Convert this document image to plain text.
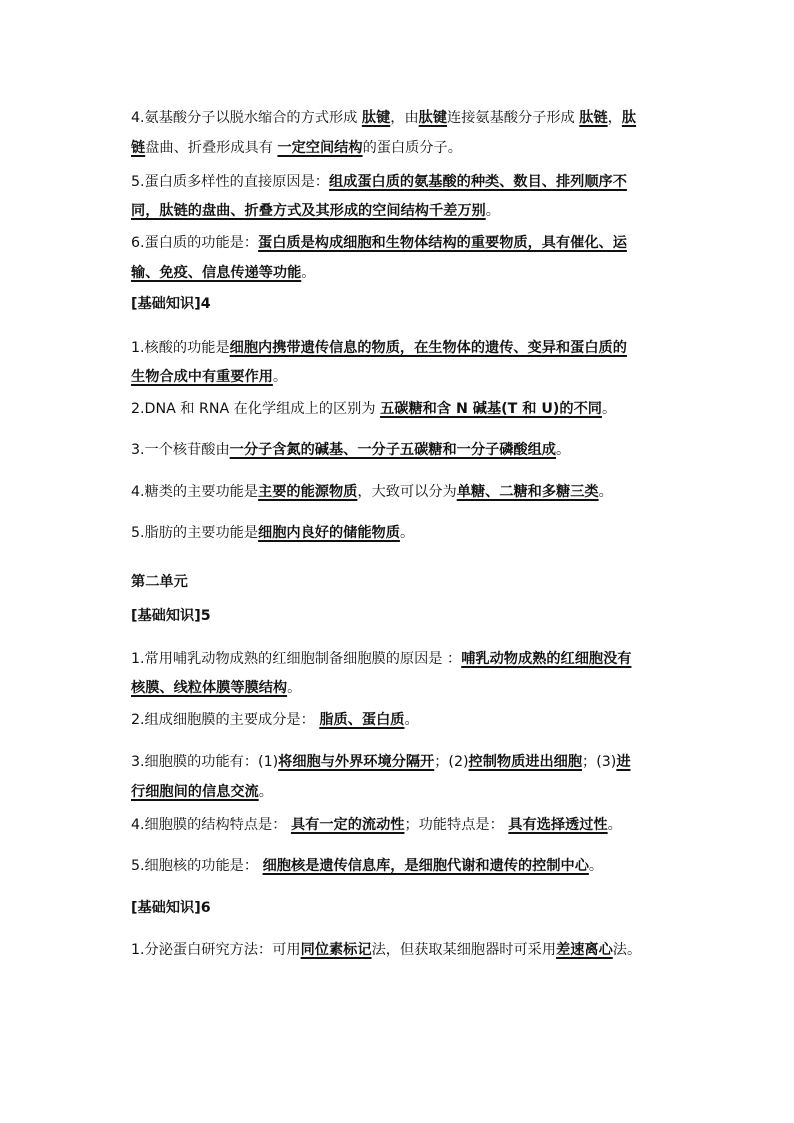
4.氨基酸分子以脱水缩合的方式形成 肽键，由肽键连接氨基酸分子形成 肽链，肽
链盘曲、折叠形成具有 一定空间结构的蛋白质分子。
5.蛋白质多样性的直接原因是：组成蛋白质的氨基酸的种类、数目、排列顺序不
同，肽链的盘曲、折叠方式及其形成的空间结构千差万别。
6.蛋白质的功能是：蛋白质是构成细胞和生物体结构的重要物质，具有催化、运
输、免疫、信息传递等功能。
[基础知识]4
1.核酸的功能是细胞内携带遗传信息的物质，在生物体的遗传、变异和蛋白质的
生物合成中有重要作用。
2.DNA 和 RNA 在化学组成上的区别为 五碳糖和含 N 碱基(T 和 U)的不同。
3.一个核苷酸由一分子含氮的碱基、一分子五碳糖和一分子磷酸组成。
4.糖类的主要功能是主要的能源物质，大致可以分为单糖、二糖和多糖三类。
5.脂肪的主要功能是细胞内良好的储能物质。
第二单元
[基础知识]5
1.常用哺乳动物成熟的红细胞制备细胞膜的原因是 ：哺乳动物成熟的红细胞没有
核膜、线粒体膜等膜结构。
2.组成细胞膜的主要成分是： 脂质、蛋白质。
3.细胞膜的功能有：(1)将细胞与外界环境分隔开；(2)控制物质进出细胞；(3)进
行细胞间的信息交流。
4.细胞膜的结构特点是： 具有一定的流动性；功能特点是： 具有选择透过性。
5.细胞核的功能是： 细胞核是遗传信息库，是细胞代谢和遗传的控制中心。
[基础知识]6
1.分泌蛋白研究方法：可用同位素标记法，但获取某细胞器时可采用差速离心法。
